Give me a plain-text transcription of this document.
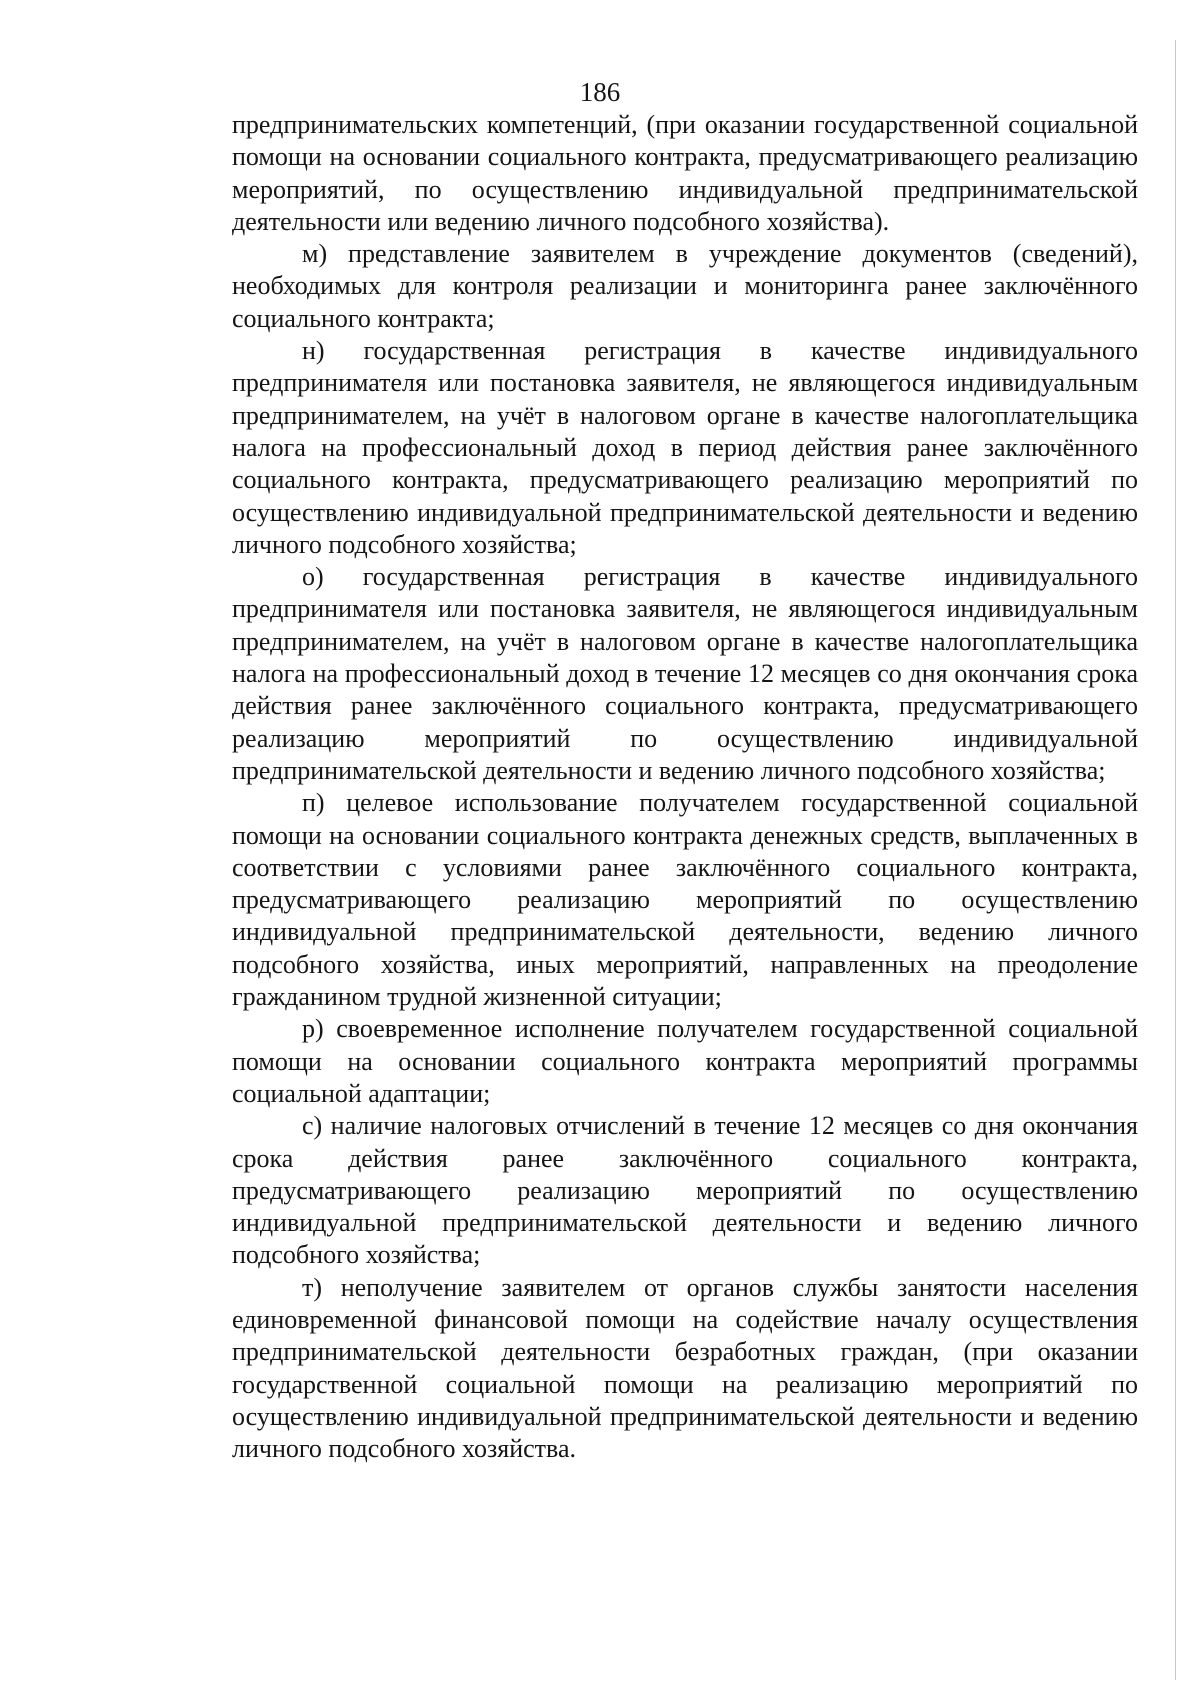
186

предпринимательских компетенций, (при оказании государственной социальной помощи на основании социального контракта, предусматривающего реализацию мероприятий, по осуществлению индивидуальной предпринимательской деятельности или ведению личного подсобного хозяйства).

м) представление заявителем в учреждение документов (сведений), необходимых для контроля реализации и мониторинга ранее заключённого социального контракта;

н) государственная регистрация в качестве индивидуального предпринимателя или постановка заявителя, не являющегося индивидуальным предпринимателем, на учёт в налоговом органе в качестве налогоплательщика налога на профессиональный доход в период действия ранее заключённого социального контракта, предусматривающего реализацию мероприятий по осуществлению индивидуальной предпринимательской деятельности и ведению личного подсобного хозяйства;

о) государственная регистрация в качестве индивидуального предпринимателя или постановка заявителя, не являющегося индивидуальным предпринимателем, на учёт в налоговом органе в качестве налогоплательщика налога на профессиональный доход в течение 12 месяцев со дня окончания срока действия ранее заключённого социального контракта, предусматривающего реализацию мероприятий по осуществлению индивидуальной предпринимательской деятельности и ведению личного подсобного хозяйства;

п) целевое использование получателем государственной социальной помощи на основании социального контракта денежных средств, выплаченных в соответствии с условиями ранее заключённого социального контракта, предусматривающего реализацию мероприятий по осуществлению индивидуальной предпринимательской деятельности, ведению личного подсобного хозяйства, иных мероприятий, направленных на преодоление гражданином трудной жизненной ситуации;

р) своевременное исполнение получателем государственной социальной помощи на основании социального контракта мероприятий программы социальной адаптации;

с) наличие налоговых отчислений в течение 12 месяцев со дня окончания срока действия ранее заключённого социального контракта, предусматривающего реализацию мероприятий по осуществлению индивидуальной предпринимательской деятельности и ведению личного подсобного хозяйства;

т) неполучение заявителем от органов службы занятости населения единовременной финансовой помощи на содействие началу осуществления предпринимательской деятельности безработных граждан, (при оказании государственной социальной помощи на реализацию мероприятий по осуществлению индивидуальной предпринимательской деятельности и ведению личного подсобного хозяйства.
